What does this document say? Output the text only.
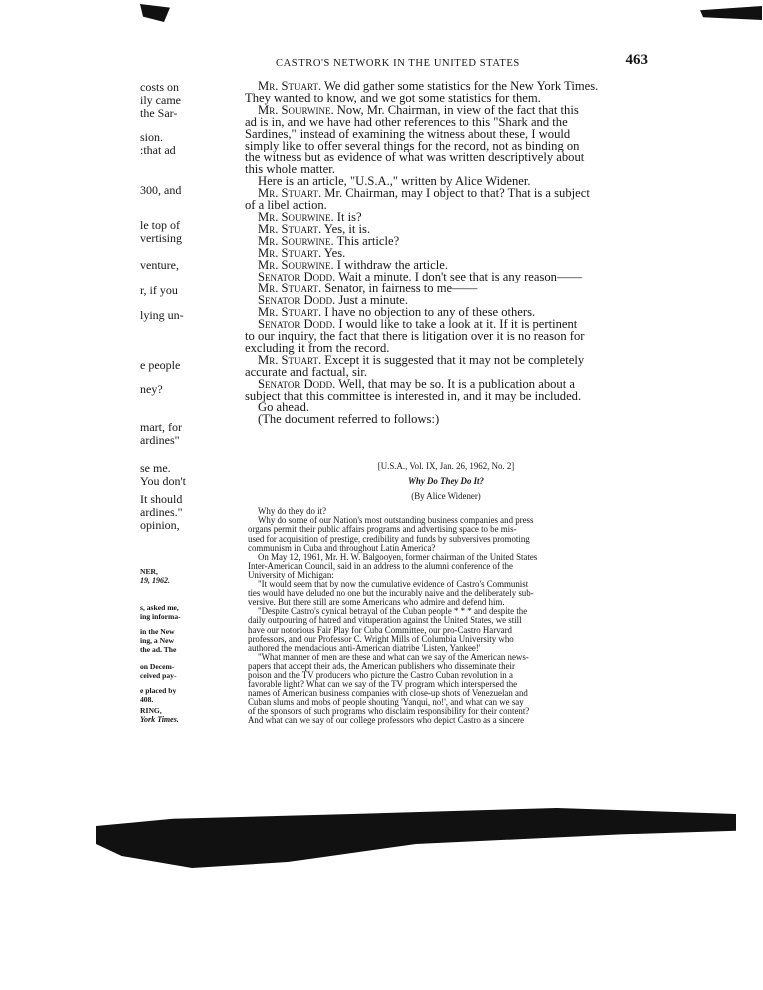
CASTRO'S NETWORK IN THE UNITED STATES	463
costs on
ily came
the Sar-
sion.
:that ad
300, and
le top of
vertising
venture,
r, if you
lying un-
e people
ney?
mart, for
ardines"
se me.
You don't
It should
ardines."
opinion,
NER,
19, 1962.
s, asked me,
ing informa-
in the New
ing, a New
the ad. The
on Decem-
ceived pay-
e placed by
408.
RING,
York Times.
Mr. Stuart. We did gather some statistics for the New York Times.
They wanted to know, and we got some statistics for them.
Mr. Sourwine. Now, Mr. Chairman, in view of the fact that this
ad is in, and we have had other references to this "Shark and the
Sardines," instead of examining the witness about these, I would
simply like to offer several things for the record, not as binding on
the witness but as evidence of what was written descriptively about
this whole matter.
Here is an article, "U.S.A.," written by Alice Widener.
Mr. Stuart. Mr. Chairman, may I object to that? That is a subject
of a libel action.
Mr. Sourwine. It is?
Mr. Stuart. Yes, it is.
Mr. Sourwine. This article?
Mr. Stuart. Yes.
Mr. Sourwine. I withdraw the article.
Senator Dodd. Wait a minute. I don't see that is any reason——
Mr. Stuart. Senator, in fairness to me——
Senator Dodd. Just a minute.
Mr. Stuart. I have no objection to any of these others.
Senator Dodd. I would like to take a look at it. If it is pertinent
to our inquiry, the fact that there is litigation over it is no reason for
excluding it from the record.
Mr. Stuart. Except it is suggested that it may not be completely
accurate and factual, sir.
Senator Dodd. Well, that may be so. It is a publication about a
subject that this committee is interested in, and it may be included.
Go ahead.
(The document referred to follows:)
[U.S.A., Vol. IX, Jan. 26, 1962, No. 2]
Why Do They Do It?
(By Alice Widener)
Why do they do it?
Why do some of our Nation's most outstanding business companies and press
organs permit their public affairs programs and advertising space to be mis-
used for acquisition of prestige, credibility and funds by subversives promoting
communism in Cuba and throughout Latin America?
On May 12, 1961, Mr. H. W. Balgooyen, former chairman of the United States
Inter-American Council, said in an address to the alumni conference of the
University of Michigan:
"It would seem that by now the cumulative evidence of Castro's Communist
ties would have deluded no one but the incurably naive and the deliberately sub-
versive. But there still are some Americans who admire and defend him.
"Despite Castro's cynical betrayal of the Cuban people * * * and despite the
daily outpouring of hatred and vituperation against the United States, we still
have our notorious Fair Play for Cuba Committee, our pro-Castro Harvard
professors, and our Professor C. Wright Mills of Columbia University who
authored the mendacious anti-American diatribe 'Listen, Yankee!'
"What manner of men are these and what can we say of the American news-
papers that accept their ads, the American publishers who disseminate their
poison and the TV producers who picture the Castro Cuban revolution in a
favorable light? What can we say of the TV program which interspersed the
names of American business companies with close-up shots of Venezuelan and
Cuban slums and mobs of people shouting 'Yanqui, no!', and what can we say
of the sponsors of such programs who disclaim responsibility for their content?
And what can we say of our college professors who depict Castro as a sincere
